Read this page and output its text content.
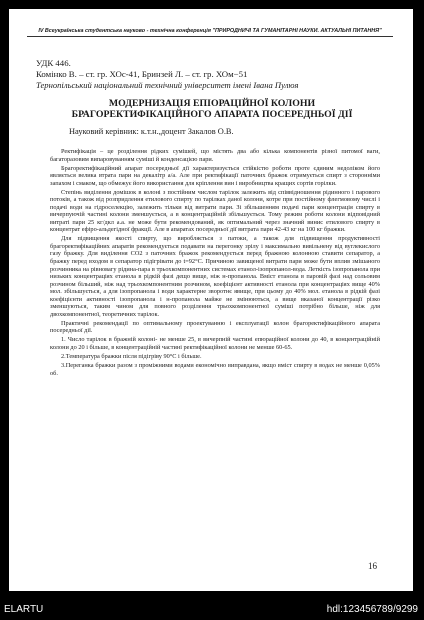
IV Всеукраїнська студентська науково - технічна конференція "ПРИРОДНИЧІ ТА ГУМАНІТАРНІ НАУКИ. АКТУАЛЬНІ ПИТАННЯ"
УДК 446.
Комінко В. – ст. гр. ХОс-41, Бринзей Л. – ст. гр. ХОм−51
Тернопільський національний технічний університет імені Івана Пулюя
МОДЕРНИЗАЦІЯ ЕПІОРАЦІЙНОЇ КОЛОНИ
БРАГОРЕКТИФІКАЦІЙНОГО АПАРАТА ПОСЕРЕДНЬОЇ ДІЇ
Науковий керівник: к.т.н.,доцент Закалов О.В.

Ректифікація – це розділення рідких сумішей, що містять два або кілька компонентів різної питомої ваги, багаторазовим випаровуванням суміші й конденсацією пари.

Брагоректифікаційний апарат посередньої дії характеризується стійкістю роботи проте єдиним недоліком його являється велика втрата пари на декалітр а/а. Але при ректифікації паточних бражок отримується спирт з сторонніми запахом і смаком, що обмежує його використання для кріплення вин і виробництва кращих сортів горілки.

Степінь виділення домішок в колоні з постійним числом тарілок залежить від співвідношення рідинного і парового потоків, а також від розпридлення етилового спирту по тарілках даної колони, котре при постійному флегмовому числі і подачі води на гідроселекцію, залежить тільки від витрати пари. Зі збільшенням подачі пари концентрація спирту в вичерпуючій частині колони зменшується, а в концентраційній збільшується. Тому режим роботи колони відповідний витраті пари 25 кг/дкл а.а. не може бути рекомендований, як оптимальний через значний винис етилового спирту в концентрат ефіро-альдегідної фракції. Але в апаратах посередньої дії витрата пари 42-43 кг на 100 кг бражки.

Для підвищення якості спирту, що виробляється з патоки, а також для підвищення продуктивності брагоректифікаційних апаратів рекомендується подавати на перегонку зрілу і максимально вивільнену від вуглекислого газу бражку. Для виділення CO2 з паточних бражок рекомендується перед бражною колонною ставити сепаратор, а бражку перед входом в сепаратор підігрівати до t=92°С. Причиною завищеної витрати пари може бути вплив змішаного розчинника на рівновагу рідина-пара в трьохкомпонентних системах етанол-ізопропанол-вода. Леткість ізопропанола при низьких концентраціях етанола в рідкій фазі дещо вище, ніж н-пропанола. Вміст етанола в паровій фазі над сольовим розчином більший, ніж над трьохкомпонентним розчином, коефіцієнт активності етанола при концентраціях вище 40% мол. збільшується, а для ізопропанола і води характерне зворотнє явище, при цьому до 40% мол. етанола в рідкій фазі коефіцієнти активності ізопропанола і н-пропанола майже не змінюються, а вище вказаної концентрації різко зменшуються, таким чином для повного розділення трьохкомпонентної суміші потрібно більше, ніж для двохкомпонентної, теоретичних тарілок.

Практичні рекомендації по оптимальному проектуванню і експлуатації колон брагоректифікаційного апарата посередньої дії.

1. Число тарілок в бражній колоні- не менше 25, в вичерпній частині епюраційної колони до 40, в концентраційній колони до 20 і більше, в концентраційній частині ректифікаційної колони не менше 60-65.

2.Температура бражки після підігріву 90°С і більше.

3.Переганка бражки разом з проміжними водами економічно виправдана, якщо вміст спирту в водах не менше 0,05% об.

16
ELARTU	hdl:123456789/9299
